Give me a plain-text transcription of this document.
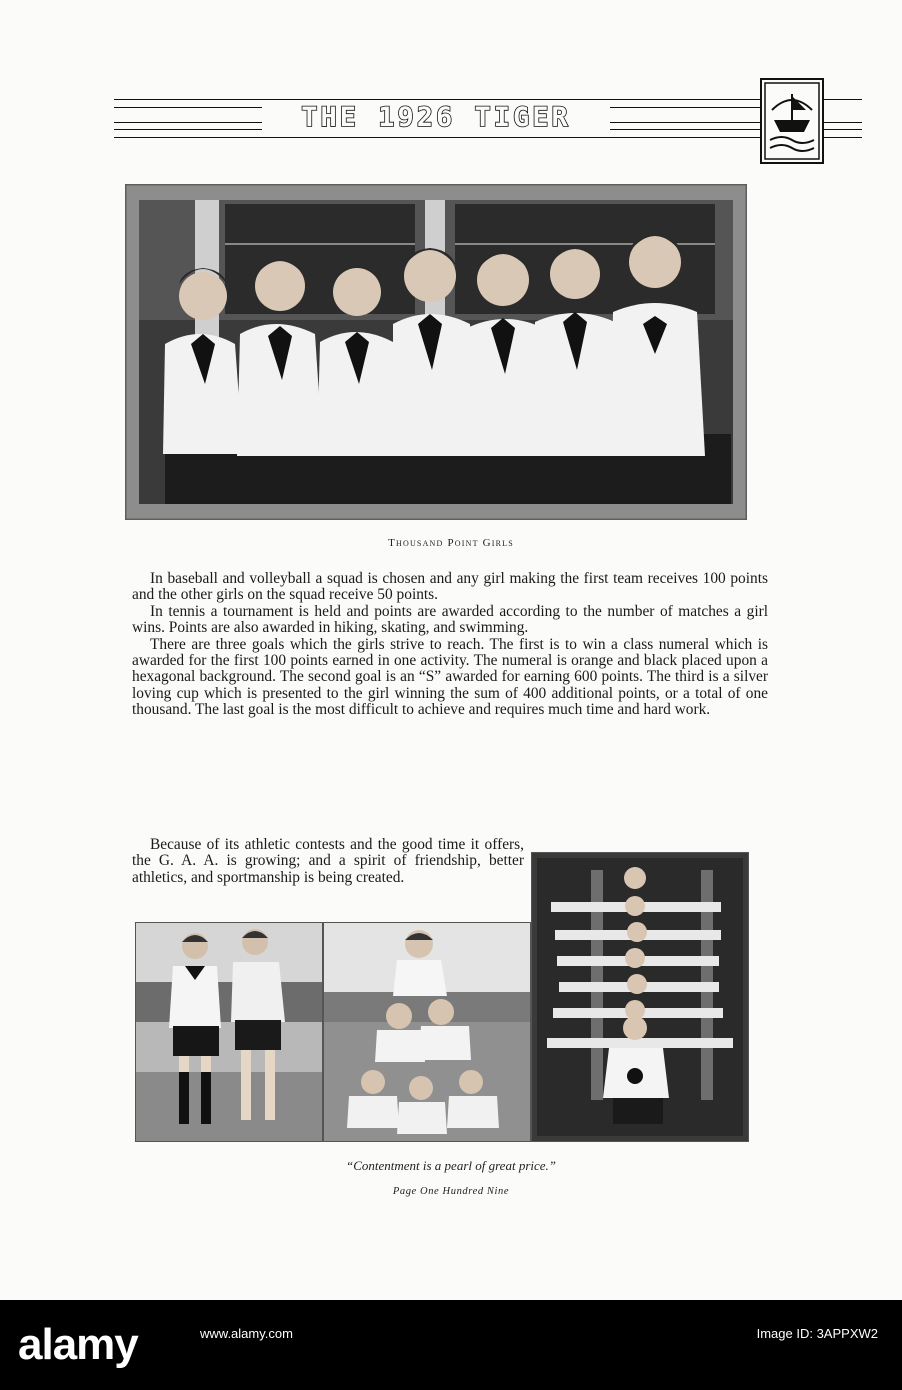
THE 1926 TIGER
Thousand Point Girls

In baseball and volleyball a squad is chosen and any girl making the first team receives 100 points and the other girls on the squad receive 50 points.

In tennis a tournament is held and points are awarded according to the number of matches a girl wins. Points are also awarded in hiking, skating, and swimming.

There are three goals which the girls strive to reach. The first is to win a class numeral which is awarded for the first 100 points earned in one activity. The numeral is orange and black placed upon a hexagonal background. The second goal is an “S” awarded for earning 600 points. The third is a silver loving cup which is presented to the girl winning the sum of 400 additional points, or a total of one thousand. The last goal is the most difficult to achieve and requires much time and hard work.

Because of its athletic contests and the good time it offers, the G. A. A. is growing; and a spirit of friendship, better athletics, and sportmanship is being created.

“Contentment is a pearl of great price.”
Page One Hundred Nine
alamy	www.alamy.com	Image ID: 3APPXW2
